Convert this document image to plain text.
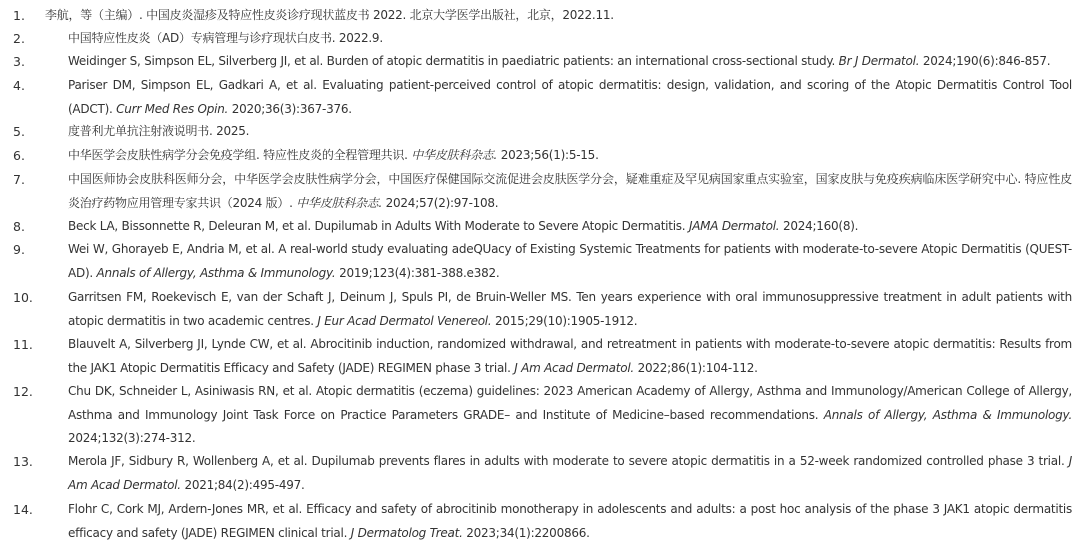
1. 李航，等（主编）. 中国皮炎湿疹及特应性皮炎诊疗现状蓝皮书 2022. 北京大学医学出版社，北京，2022.11.
2.	中国特应性皮炎（AD）专病管理与诊疗现状白皮书. 2022.9.
3.	Weidinger S, Simpson EL, Silverberg JI, et al. Burden of atopic dermatitis in paediatric patients: an international cross-sectional study. Br J Dermatol. 2024;190(6):846-857.
4.	Pariser DM, Simpson EL, Gadkari A, et al. Evaluating patient-perceived control of atopic dermatitis: design, validation, and scoring of the Atopic Dermatitis Control Tool (ADCT). Curr Med Res Opin. 2020;36(3):367-376.
5.	度普利尤单抗注射液说明书. 2025.
6.	中华医学会皮肤性病学分会免疫学组. 特应性皮炎的全程管理共识. 中华皮肤科杂志. 2023;56(1):5-15.
7.	中国医师协会皮肤科医师分会，中华医学会皮肤性病学分会，中国医疗保健国际交流促进会皮肤医学分会，疑难重症及罕见病国家重点实验室，国家皮肤与免疫疾病临床医学研究中心. 特应性皮炎治疗药物应用管理专家共识（2024 版）. 中华皮肤科杂志. 2024;57(2):97-108.
8.	Beck LA, Bissonnette R, Deleuran M, et al. Dupilumab in Adults With Moderate to Severe Atopic Dermatitis. JAMA Dermatol. 2024;160(8).
9.	Wei W, Ghorayeb E, Andria M, et al. A real-world study evaluating adeQUacy of Existing Systemic Treatments for patients with moderate-to-severe Atopic Dermatitis (QUEST-AD). Annals of Allergy, Asthma & Immunology. 2019;123(4):381-388.e382.
10.	Garritsen FM, Roekevisch E, van der Schaft J, Deinum J, Spuls PI, de Bruin-Weller MS. Ten years experience with oral immunosuppressive treatment in adult patients with atopic dermatitis in two academic centres. J Eur Acad Dermatol Venereol. 2015;29(10):1905-1912.
11.	Blauvelt A, Silverberg JI, Lynde CW, et al. Abrocitinib induction, randomized withdrawal, and retreatment in patients with moderate-to-severe atopic dermatitis: Results from the JAK1 Atopic Dermatitis Efficacy and Safety (JADE) REGIMEN phase 3 trial. J Am Acad Dermatol. 2022;86(1):104-112.
12.	Chu DK, Schneider L, Asiniwasis RN, et al. Atopic dermatitis (eczema) guidelines: 2023 American Academy of Allergy, Asthma and Immunology/American College of Allergy, Asthma and Immunology Joint Task Force on Practice Parameters GRADE– and Institute of Medicine–based recommendations. Annals of Allergy, Asthma & Immunology. 2024;132(3):274-312.
13.	Merola JF, Sidbury R, Wollenberg A, et al. Dupilumab prevents flares in adults with moderate to severe atopic dermatitis in a 52-week randomized controlled phase 3 trial. J Am Acad Dermatol. 2021;84(2):495-497.
14.	Flohr C, Cork MJ, Ardern-Jones MR, et al. Efficacy and safety of abrocitinib monotherapy in adolescents and adults: a post hoc analysis of the phase 3 JAK1 atopic dermatitis efficacy and safety (JADE) REGIMEN clinical trial. J Dermatolog Treat. 2023;34(1):2200866.
